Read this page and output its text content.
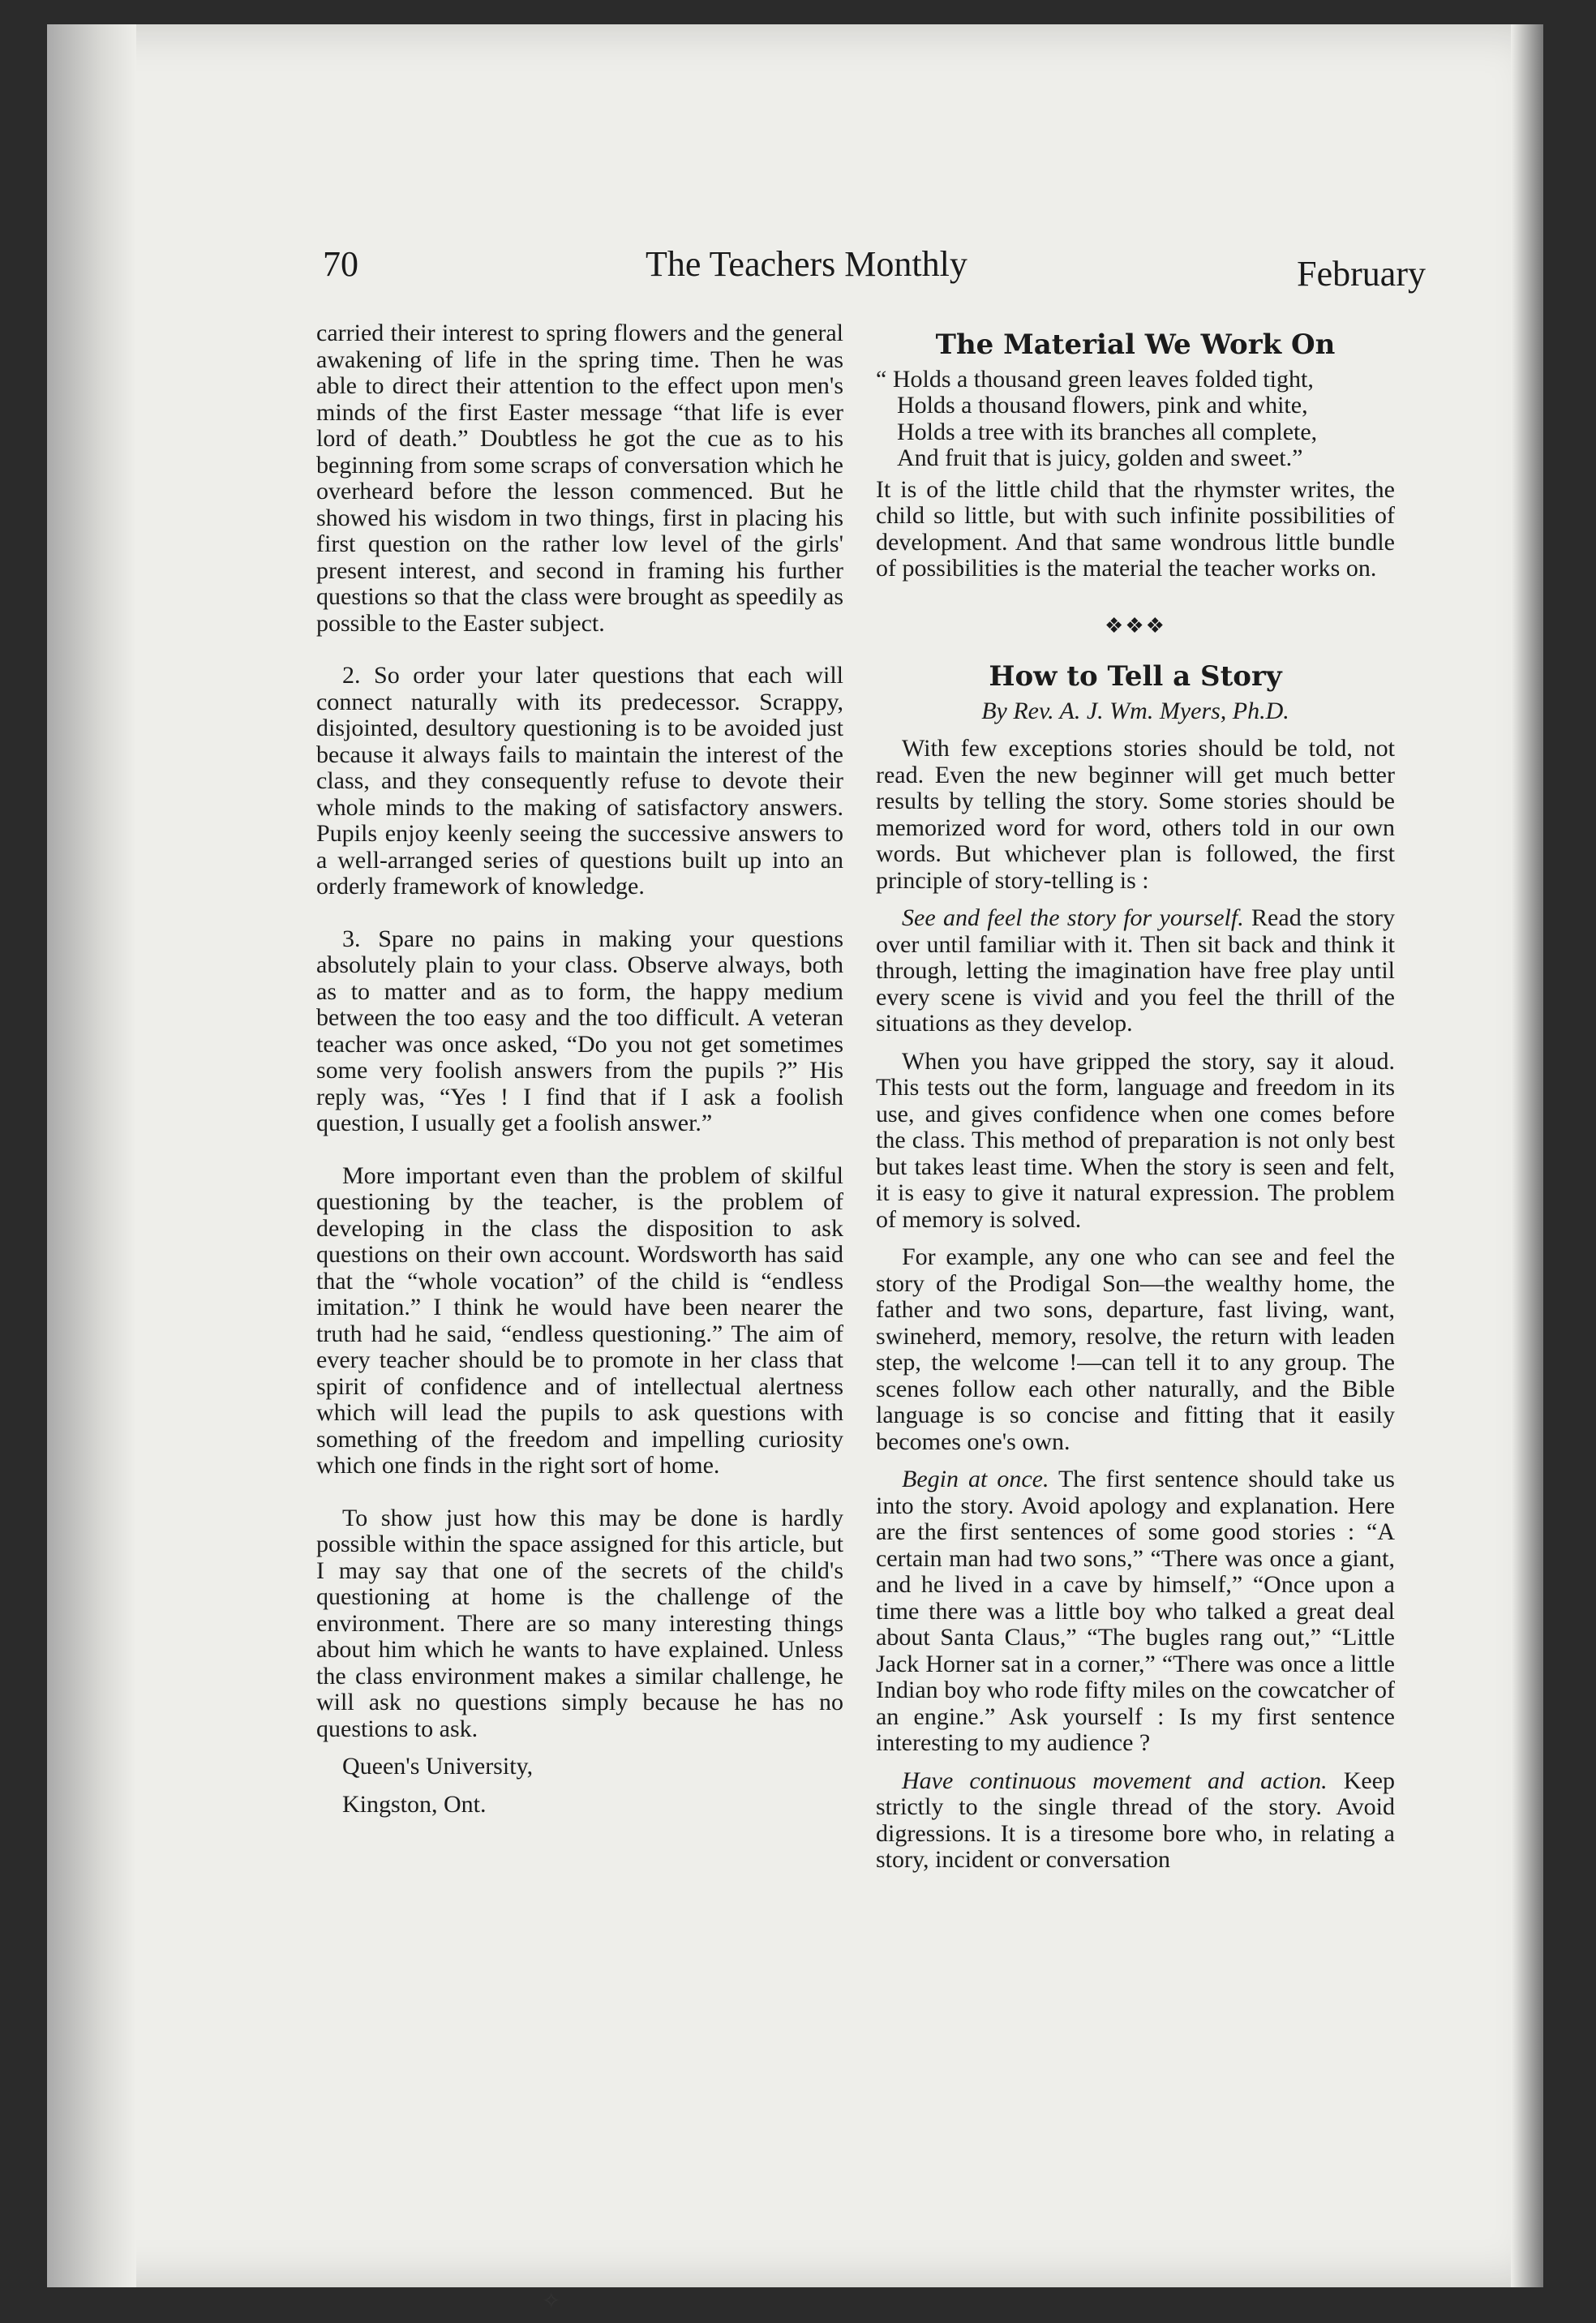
70	The Teachers Monthly	February

carried their interest to spring flowers and the general awakening of life in the spring time. Then he was able to direct their attention to the effect upon men's minds of the first Easter message “that life is ever lord of death.” Doubtless he got the cue as to his beginning from some scraps of conversation which he overheard before the lesson commenced. But he showed his wisdom in two things, first in placing his first question on the rather low level of the girls' present interest, and second in framing his further questions so that the class were brought as speedily as possible to the Easter subject.

2. So order your later questions that each will connect naturally with its predecessor. Scrappy, disjointed, desultory questioning is to be avoided just because it always fails to maintain the interest of the class, and they consequently refuse to devote their whole minds to the making of satisfactory answers. Pupils enjoy keenly seeing the successive answers to a well-arranged series of questions built up into an orderly framework of knowledge.

3. Spare no pains in making your questions absolutely plain to your class. Observe always, both as to matter and as to form, the happy medium between the too easy and the too difficult. A veteran teacher was once asked, “Do you not get sometimes some very foolish answers from the pupils ?” His reply was, “Yes ! I find that if I ask a foolish question, I usually get a foolish answer.”

More important even than the problem of skilful questioning by the teacher, is the problem of developing in the class the disposition to ask questions on their own account. Wordsworth has said that the “whole vocation” of the child is “endless imitation.” I think he would have been nearer the truth had he said, “endless questioning.” The aim of every teacher should be to promote in her class that spirit of confidence and of intellectual alertness which will lead the pupils to ask questions with something of the freedom and impelling curiosity which one finds in the right sort of home.

To show just how this may be done is hardly possible within the space assigned for this article, but I may say that one of the secrets of the child's questioning at home is the challenge of the environment. There are so many interesting things about him which he wants to have explained. Unless the class environment makes a similar challenge, he will ask no questions simply because he has no questions to ask.

Queen's University,

Kingston, Ont.

The Material We Work On
“ Holds a thousand green leaves folded tight,
Holds a thousand flowers, pink and white,
Holds a tree with its branches all complete,
And fruit that is juicy, golden and sweet.”

It is of the little child that the rhymster writes, the child so little, but with such infinite possibilities of development. And that same wondrous little bundle of possibilities is the material the teacher works on.

❖❖❖
How to Tell a Story
By Rev. A. J. Wm. Myers, Ph.D.

With few exceptions stories should be told, not read. Even the new beginner will get much better results by telling the story. Some stories should be memorized word for word, others told in our own words. But whichever plan is followed, the first principle of story-telling is :

See and feel the story for yourself. Read the story over until familiar with it. Then sit back and think it through, letting the imagination have free play until every scene is vivid and you feel the thrill of the situations as they develop.

When you have gripped the story, say it aloud. This tests out the form, language and freedom in its use, and gives confidence when one comes before the class. This method of preparation is not only best but takes least time. When the story is seen and felt, it is easy to give it natural expression. The problem of memory is solved.

For example, any one who can see and feel the story of the Prodigal Son—the wealthy home, the father and two sons, departure, fast living, want, swineherd, memory, resolve, the return with leaden step, the welcome !—can tell it to any group. The scenes follow each other naturally, and the Bible language is so concise and fitting that it easily becomes one's own.

Begin at once. The first sentence should take us into the story. Avoid apology and explanation. Here are the first sentences of some good stories : “A certain man had two sons,” “There was once a giant, and he lived in a cave by himself,” “Once upon a time there was a little boy who talked a great deal about Santa Claus,” “The bugles rang out,” “Little Jack Horner sat in a corner,” “There was once a little Indian boy who rode fifty miles on the cowcatcher of an engine.” Ask yourself : Is my first sentence interesting to my audience ?

Have continuous movement and action. Keep strictly to the single thread of the story. Avoid digressions. It is a tiresome bore who, in relating a story, incident or conversation

✧
